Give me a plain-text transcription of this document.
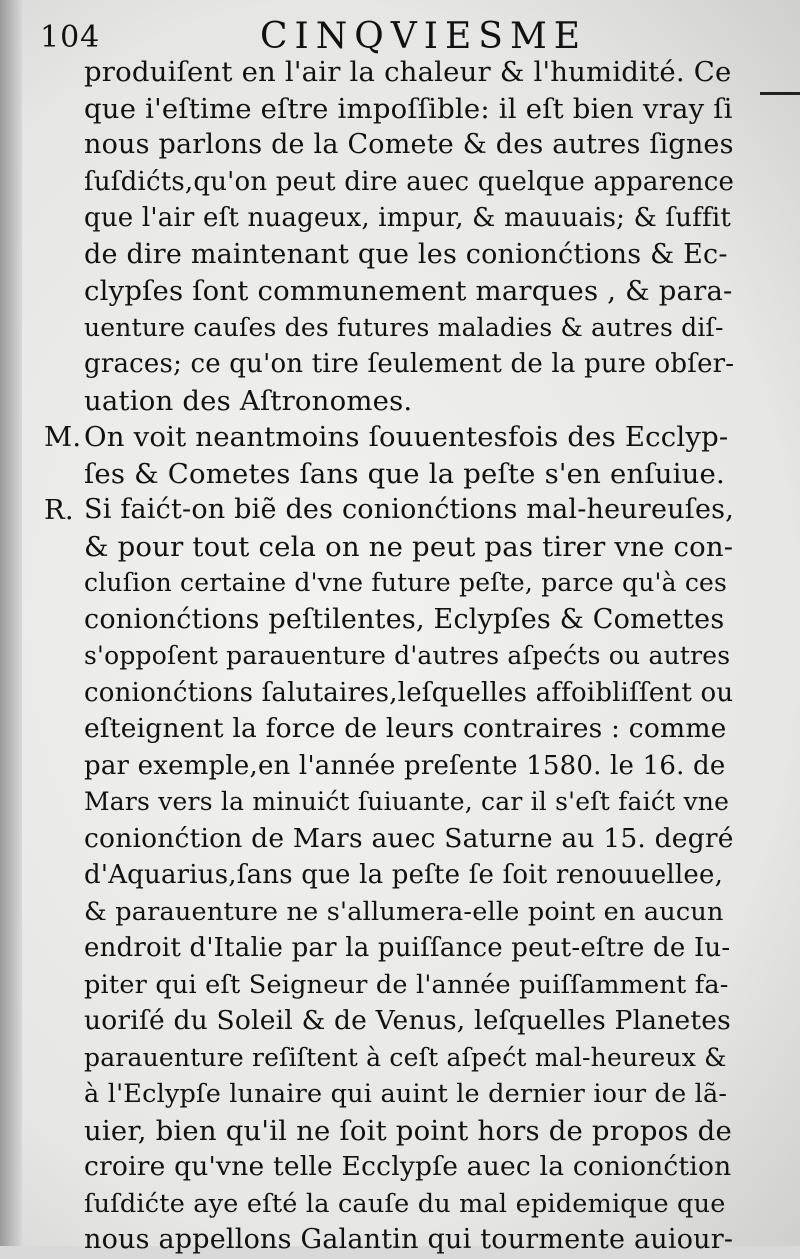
104	CINQVIESME
produiſent en l'air la chaleur & l'humidité. Ce
que i'eſtime eſtre impoſſible: il eſt bien vray ſi
nous parlons de la Comete & des autres ſignes
ſuſdićts,qu'on peut dire auec quelque apparence
que l'air eſt nuageux, impur, & mauuais; & ſuffit
de dire maintenant que les conionćtions & Ec-
clypſes ſont communement marques , & para-
uenture cauſes des futures maladies & autres diſ-
graces; ce qu'on tire ſeulement de la pure obſer-
uation des Aſtronomes.
M. On voit neantmoins ſouuentesfois des Ecclyp-
ſes & Cometes ſans que la peſte s'en enſuiue.
R. Si faićt-on biẽ des conionćtions mal-heureuſes,
& pour tout cela on ne peut pas tirer vne con-
cluſion certaine d'vne future peſte, parce qu'à ces
conionćtions peſtilentes, Eclypſes & Comettes
s'oppoſent parauenture d'autres aſpećts ou autres
conionćtions ſalutaires,leſquelles affoibliſſent ou
eſteignent la force de leurs contraires : comme
par exemple,en l'année preſente 1580. le 16. de
Mars vers la minuićt ſuiuante, car il s'eſt faićt vne
conionćtion de Mars auec Saturne au 15. degré
d'Aquarius,ſans que la peſte ſe ſoit renouuellee,
& parauenture ne s'allumera-elle point en aucun
endroit d'Italie par la puiſſance peut-eſtre de Iu-
piter qui eſt Seigneur de l'année puiſſamment fa-
uoriſé du Soleil & de Venus, leſquelles Planetes
parauenture reſiſtent à ceſt aſpećt mal-heureux &
à l'Eclypſe lunaire qui auint le dernier iour de lã-
uier, bien qu'il ne ſoit point hors de propos de
croire qu'vne telle Ecclypſe auec la conionćtion
ſuſdićte aye eſté la cauſe du mal epidemique que
nous appellons Galantin qui tourmente auiour-
